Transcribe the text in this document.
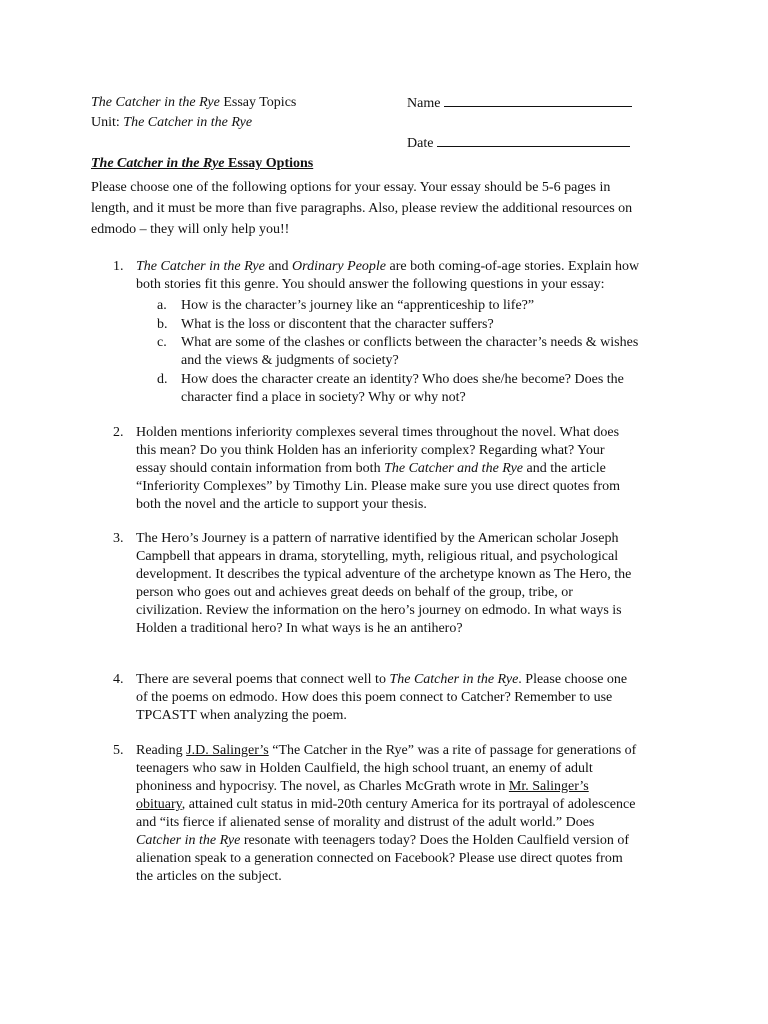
The Catcher in the Rye Essay Topics
Unit: The Catcher in the Rye
Name
Date
The Catcher in the Rye Essay Options

Please choose one of the following options for your essay. Your essay should be 5-6 pages in

length, and it must be more than five paragraphs. Also, please review the additional resources on

edmodo – they will only help you!!

1. The Catcher in the Rye and Ordinary People are both coming-of-age stories. Explain how
both stories fit this genre. You should answer the following questions in your essay:
a.	How is the character’s journey like an “apprenticeship to life?”
b. What is the loss or discontent that the character suffers?
c.	What are some of the clashes or conflicts between the character’s needs & wishes
and the views & judgments of society?
d. How does the character create an identity? Who does she/he become? Does the
character find a place in society? Why or why not?
2. Holden mentions inferiority complexes several times throughout the novel. What does
this mean? Do you think Holden has an inferiority complex? Regarding what? Your
essay should contain information from both The Catcher and the Rye and the article
“Inferiority Complexes” by Timothy Lin. Please make sure you use direct quotes from
both the novel and the article to support your thesis.
3. The Hero’s Journey is a pattern of narrative identified by the American scholar Joseph
Campbell that appears in drama, storytelling, myth, religious ritual, and psychological
development. It describes the typical adventure of the archetype known as The Hero, the
person who goes out and achieves great deeds on behalf of the group, tribe, or
civilization. Review the information on the hero’s journey on edmodo. In what ways is
Holden a traditional hero? In what ways is he an antihero?
4. There are several poems that connect well to The Catcher in the Rye. Please choose one
of the poems on edmodo. How does this poem connect to Catcher? Remember to use
TPCASTT when analyzing the poem.
5. Reading J.D. Salinger’s “The Catcher in the Rye” was a rite of passage for generations of
teenagers who saw in Holden Caulfield, the high school truant, an enemy of adult
phoniness and hypocrisy. The novel, as Charles McGrath wrote in Mr. Salinger’s
obituary, attained cult status in mid-20th century America for its portrayal of adolescence
and “its fierce if alienated sense of morality and distrust of the adult world.” Does
Catcher in the Rye resonate with teenagers today? Does the Holden Caulfield version of
alienation speak to a generation connected on Facebook? Please use direct quotes from
the articles on the subject.
